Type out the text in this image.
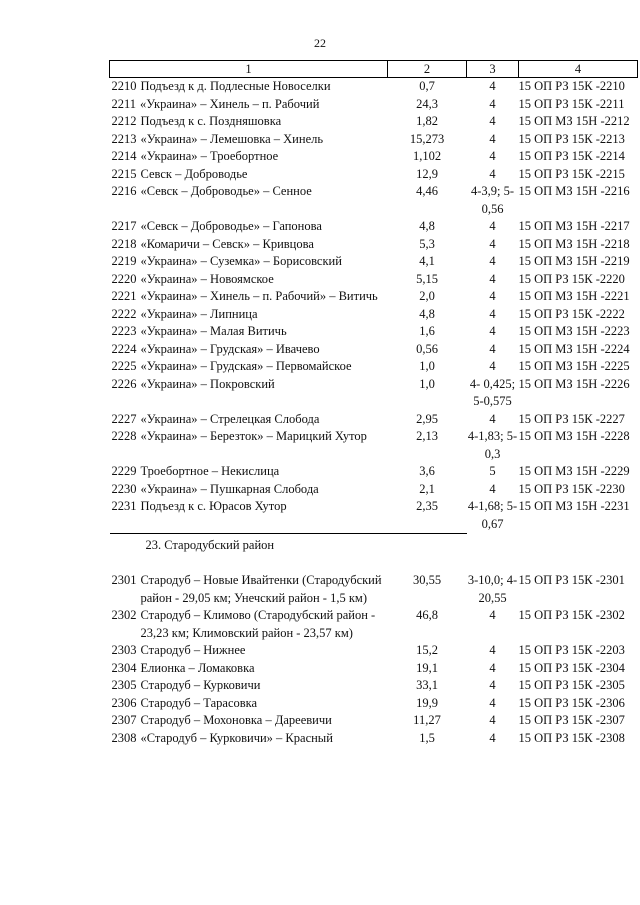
22
1	2	3	4

2210 Подъезд к д. Подлесные Новоселки	0,7	4	15 ОП РЗ 15К -2210

2211 «Украина» – Хинель – п. Рабочий	24,3	4	15 ОП РЗ 15К -2211

2212 Подъезд к с. Поздняшовка	1,82	4	15 ОП МЗ 15Н -2212

2213 «Украина» – Лемешовка – Хинель	15,273	4	15 ОП РЗ 15К -2213

2214 «Украина» – Троебортное	1,102	4	15 ОП РЗ 15К -2214

2215 Севск – Доброводье	12,9	4	15 ОП РЗ 15К -2215

2216 «Севск – Доброводье» – Сенное	4,46	4-3,9; 5-0,56	15 ОП МЗ 15Н -2216

2217 «Севск – Доброводье» – Гапонова	4,8	4	15 ОП МЗ 15Н -2217

2218 «Комаричи – Севск» – Кривцова	5,3	4	15 ОП МЗ 15Н -2218

2219 «Украина» – Суземка» – Борисовский	4,1	4	15 ОП МЗ 15Н -2219

2220 «Украина» – Новоямское	5,15	4	15 ОП РЗ 15К -2220

2221 «Украина» – Хинель – п. Рабочий» – Витичь	2,0	4	15 ОП МЗ 15Н -2221

2222 «Украина» – Липница	4,8	4	15 ОП РЗ 15К -2222

2223 «Украина» – Малая Витичь	1,6	4	15 ОП МЗ 15Н -2223

2224 «Украина» – Грудская» – Ивачево	0,56	4	15 ОП МЗ 15Н -2224

2225 «Украина» – Грудская» – Первомайское	1,0	4	15 ОП МЗ 15Н -2225

2226 «Украина» – Покровский	1,0	4- 0,425; 5-0,575	15 ОП МЗ 15Н -2226

2227 «Украина» – Стрелецкая Слобода	2,95	4	15 ОП РЗ 15К -2227

2228 «Украина» – Березток» – Марицкий Хутор	2,13	4-1,83; 5-0,3	15 ОП МЗ 15Н -2228

2229 Троебортное – Некислица	3,6	5	15 ОП МЗ 15Н -2229

2230 «Украина» – Пушкарная Слобода	2,1	4	15 ОП РЗ 15К -2230

2231 Подъезд к с. Юрасов Хутор	2,35	4-1,68; 5-0,67	15 ОП МЗ 15Н -2231
23. Стародубский район			

2301 Стародуб – Новые Ивайтенки (Стародубский район - 29,05 км; Унечский район - 1,5 км)	30,55	3-10,0; 4-20,55	15 ОП РЗ 15К -2301

2302 Стародуб – Климово (Стародубский район - 23,23 км; Климовский район - 23,57 км)	46,8	4	15 ОП РЗ 15К -2302

2303 Стародуб – Нижнее	15,2	4	15 ОП РЗ 15К -2203

2304 Елионка – Ломаковка	19,1	4	15 ОП РЗ 15К -2304

2305 Стародуб – Курковичи	33,1	4	15 ОП РЗ 15К -2305

2306 Стародуб – Тарасовка	19,9	4	15 ОП РЗ 15К -2306

2307 Стародуб – Мохоновка – Дареевичи	11,27	4	15 ОП РЗ 15К -2307

2308 «Стародуб – Курковичи» – Красный	1,5	4	15 ОП РЗ 15К -2308
